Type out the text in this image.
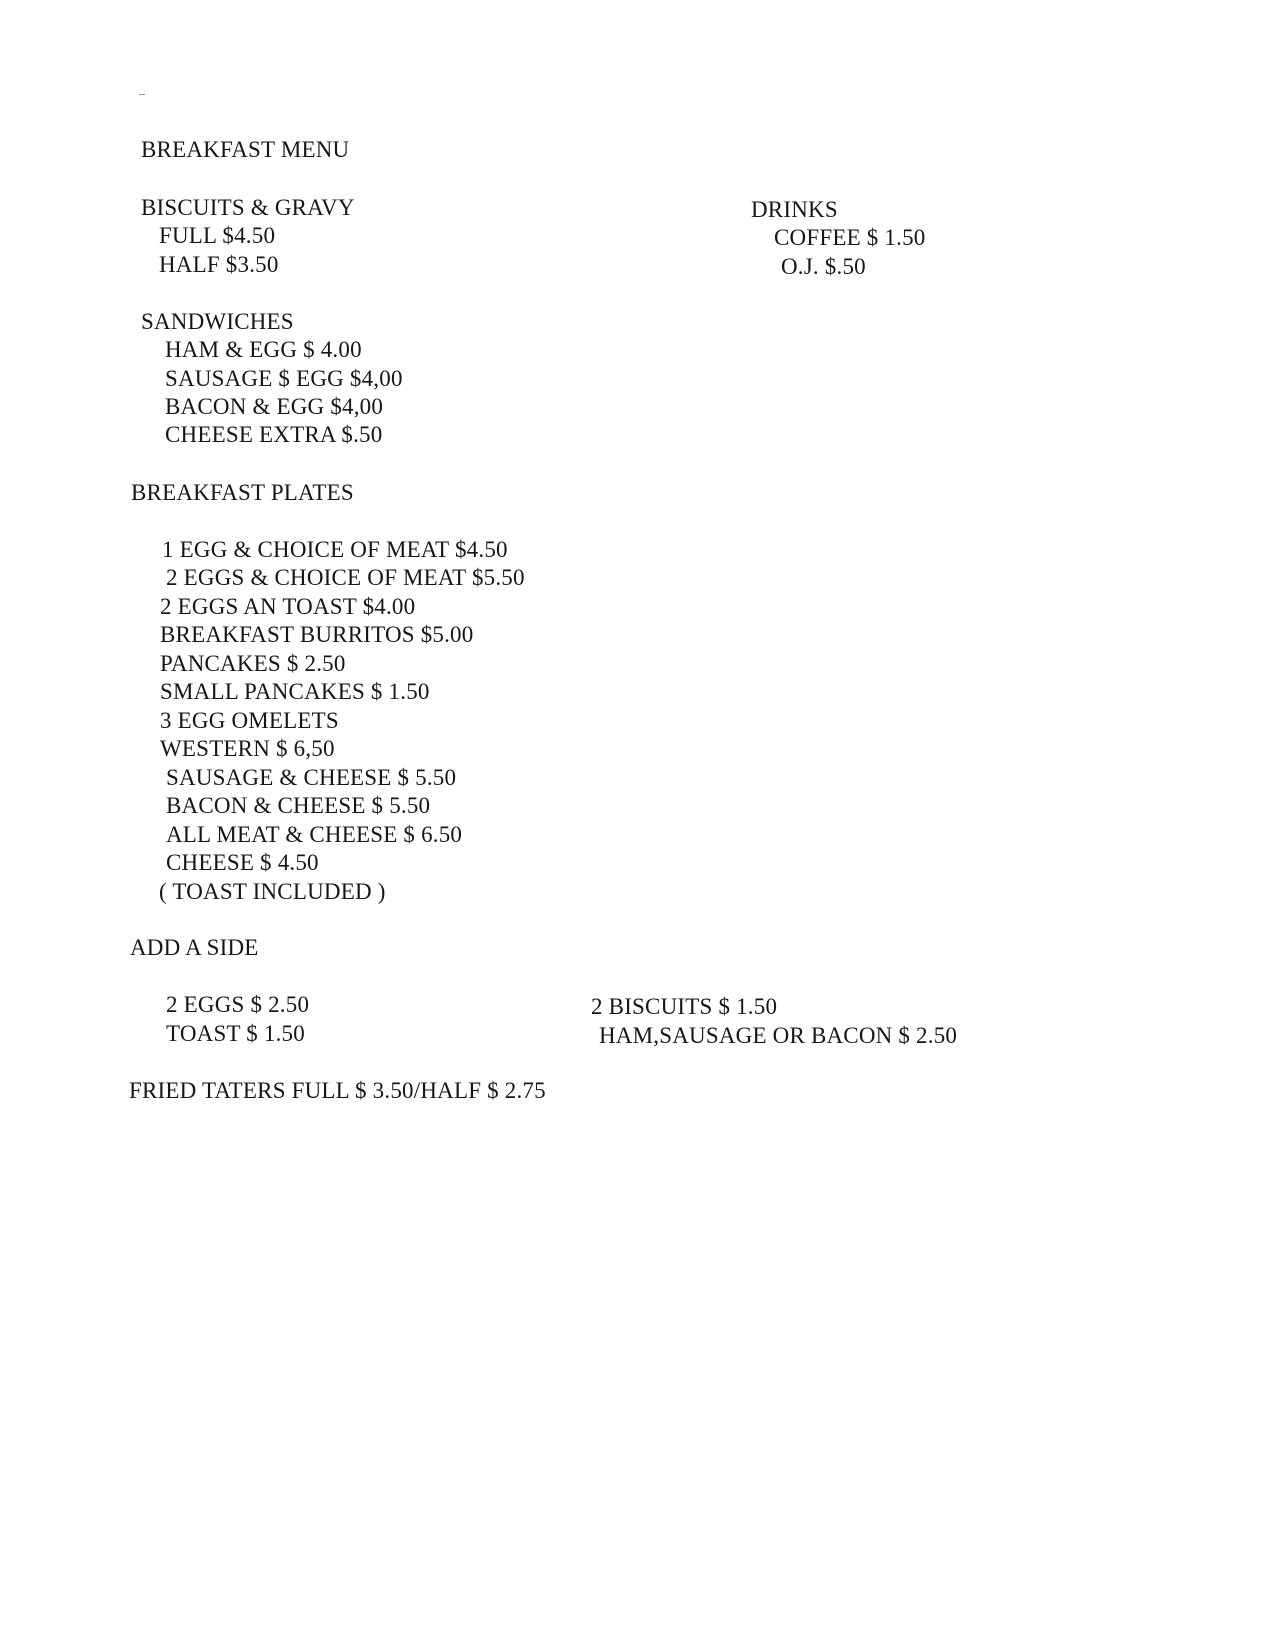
BREAKFAST MENU
BISCUITS & GRAVY
FULL $4.50
HALF $3.50
DRINKS
COFFEE $ 1.50
O.J. $.50
SANDWICHES
HAM & EGG $ 4.00
SAUSAGE $ EGG $4,00
BACON & EGG $4,00
CHEESE EXTRA $.50
BREAKFAST PLATES
1 EGG & CHOICE OF MEAT $4.50
2 EGGS & CHOICE OF MEAT $5.50
2 EGGS AN TOAST $4.00
BREAKFAST BURRITOS $5.00
PANCAKES $ 2.50
SMALL PANCAKES $ 1.50
3 EGG OMELETS
WESTERN $ 6,50
SAUSAGE & CHEESE $ 5.50
BACON & CHEESE $ 5.50
ALL MEAT & CHEESE $ 6.50
CHEESE $ 4.50
( TOAST INCLUDED )
ADD A SIDE
2 EGGS $ 2.50
TOAST $ 1.50
2 BISCUITS $ 1.50
HAM,SAUSAGE OR BACON $ 2.50
FRIED TATERS FULL $ 3.50/HALF $ 2.75
